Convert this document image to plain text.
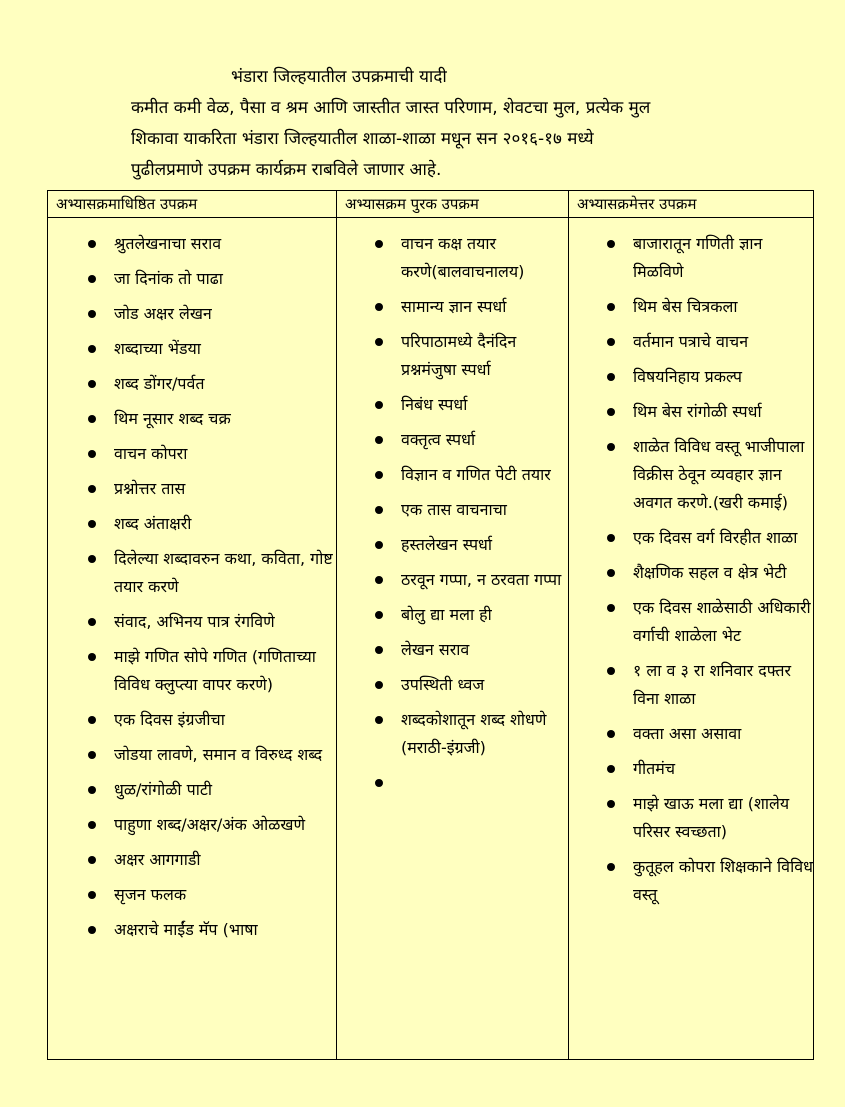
भंडारा जिल्हयातील उपक्रमाची यादी

कमीत कमी वेळ, पैसा व श्रम आणि जास्तीत जास्त परिणाम, शेवटचा मुल, प्रत्येक मुल

शिकावा याकरिता भंडारा जिल्हयातील शाळा-शाळा मधून सन २०१६-१७ मध्ये

पुढीलप्रमाणे उपक्रम कार्यक्रम राबविले जाणार आहे.

अभ्यासक्रमाधिष्ठित उपक्रम
श्रुतलेखनाचा सराव
जा दिनांक तो पाढा
जोड अक्षर लेखन
शब्दाच्या भेंडया
शब्द डोंगर/पर्वत
थिम नूसार शब्द चक्र
वाचन कोपरा
प्रश्नोत्तर तास
शब्द अंताक्षरी
दिलेल्या शब्दावरुन कथा, कविता, गोष्ट तयार करणे
संवाद, अभिनय पात्र रंगविणे
माझे गणित सोपे गणित (गणिताच्या विविध क्लुप्त्या वापर करणे)
एक दिवस इंग्रजीचा
जोडया लावणे, समान व विरुध्द शब्द
धुळ/रांगोळी पाटी
पाहुणा शब्द/अक्षर/अंक ओळखणे
अक्षर आगगाडी
सृजन फलक
अक्षराचे माईंड मॅप (भाषा
अभ्यासक्रम पुरक उपक्रम
वाचन कक्ष तयार करणे(बालवाचनालय)
सामान्य ज्ञान स्पर्धा
परिपाठामध्ये दैनंदिन प्रश्नमंजुषा स्पर्धा
निबंध स्पर्धा
वक्तृत्व स्पर्धा
विज्ञान व गणित पेटी तयार
एक तास वाचनाचा
हस्तलेखन स्पर्धा
ठरवून गप्पा, न ठरवता गप्पा
बोलु द्या मला ही
लेखन सराव
उपस्थिती ध्वज
शब्दकोशातून शब्द शोधणे (मराठी-इंग्रजी)
अभ्यासक्रमेत्तर उपक्रम
बाजारातून गणिती ज्ञान मिळविणे
थिम बेस चित्रकला
वर्तमान पत्राचे वाचन
विषयनिहाय प्रकल्प
थिम बेस रांगोळी स्पर्धा
शाळेत विविध वस्तू भाजीपाला विक्रीस ठेवून व्यवहार ज्ञान अवगत करणे.(खरी कमाई)
एक दिवस वर्ग विरहीत शाळा
शैक्षणिक सहल व क्षेत्र भेटी
एक दिवस शाळेसाठी अधिकारी वर्गाची शाळेला भेट
१ ला व ३ रा शनिवार दफ्तर विना शाळा
वक्ता असा असावा
गीतमंच
माझे खाऊ मला द्या (शालेय परिसर स्वच्छता)
कुतूहल कोपरा शिक्षकाने विविध वस्तू
